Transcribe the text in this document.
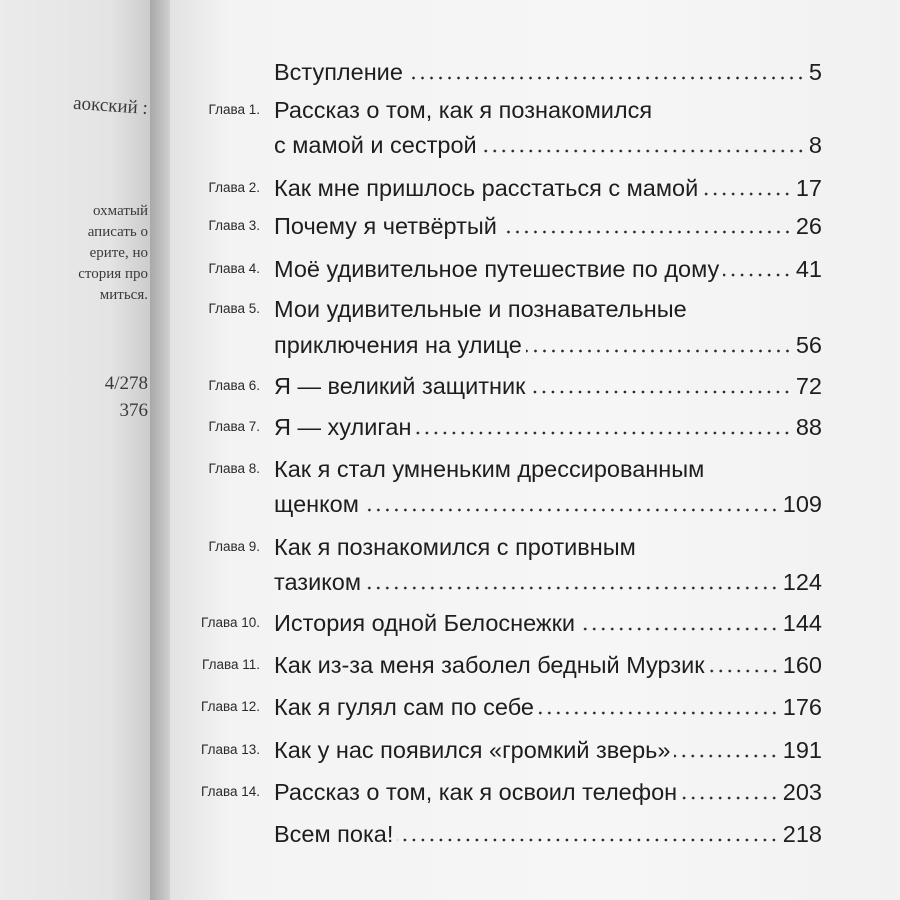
аокский :
охматый
аписать о
ерите, но
стория про
миться.
4/278
376
Вступление	5
Глава 1. Рассказ о том, как я познакомился
с мамой и сестрой	8
Глава 2. Как мне пришлось расстаться с мамой	17
Глава 3. Почему я четвёртый	26
Глава 4. Моё удивительное путешествие по дому	41
Глава 5. Мои удивительные и познавательные
приключения на улице	56
Глава 6. Я — великий защитник	72
Глава 7. Я — хулиган	88
Глава 8. Как я стал умненьким дрессированным
щенком	109
Глава 9. Как я познакомился с противным
тазиком	124
Глава 10. История одной Белоснежки	144
Глава 11. Как из-за меня заболел бедный Мурзик	160
Глава 12. Как я гулял сам по себе	176
Глава 13. Как у нас появился «громкий зверь»	191
Глава 14. Рассказ о том, как я освоил телефон	203
Всем пока!	218
